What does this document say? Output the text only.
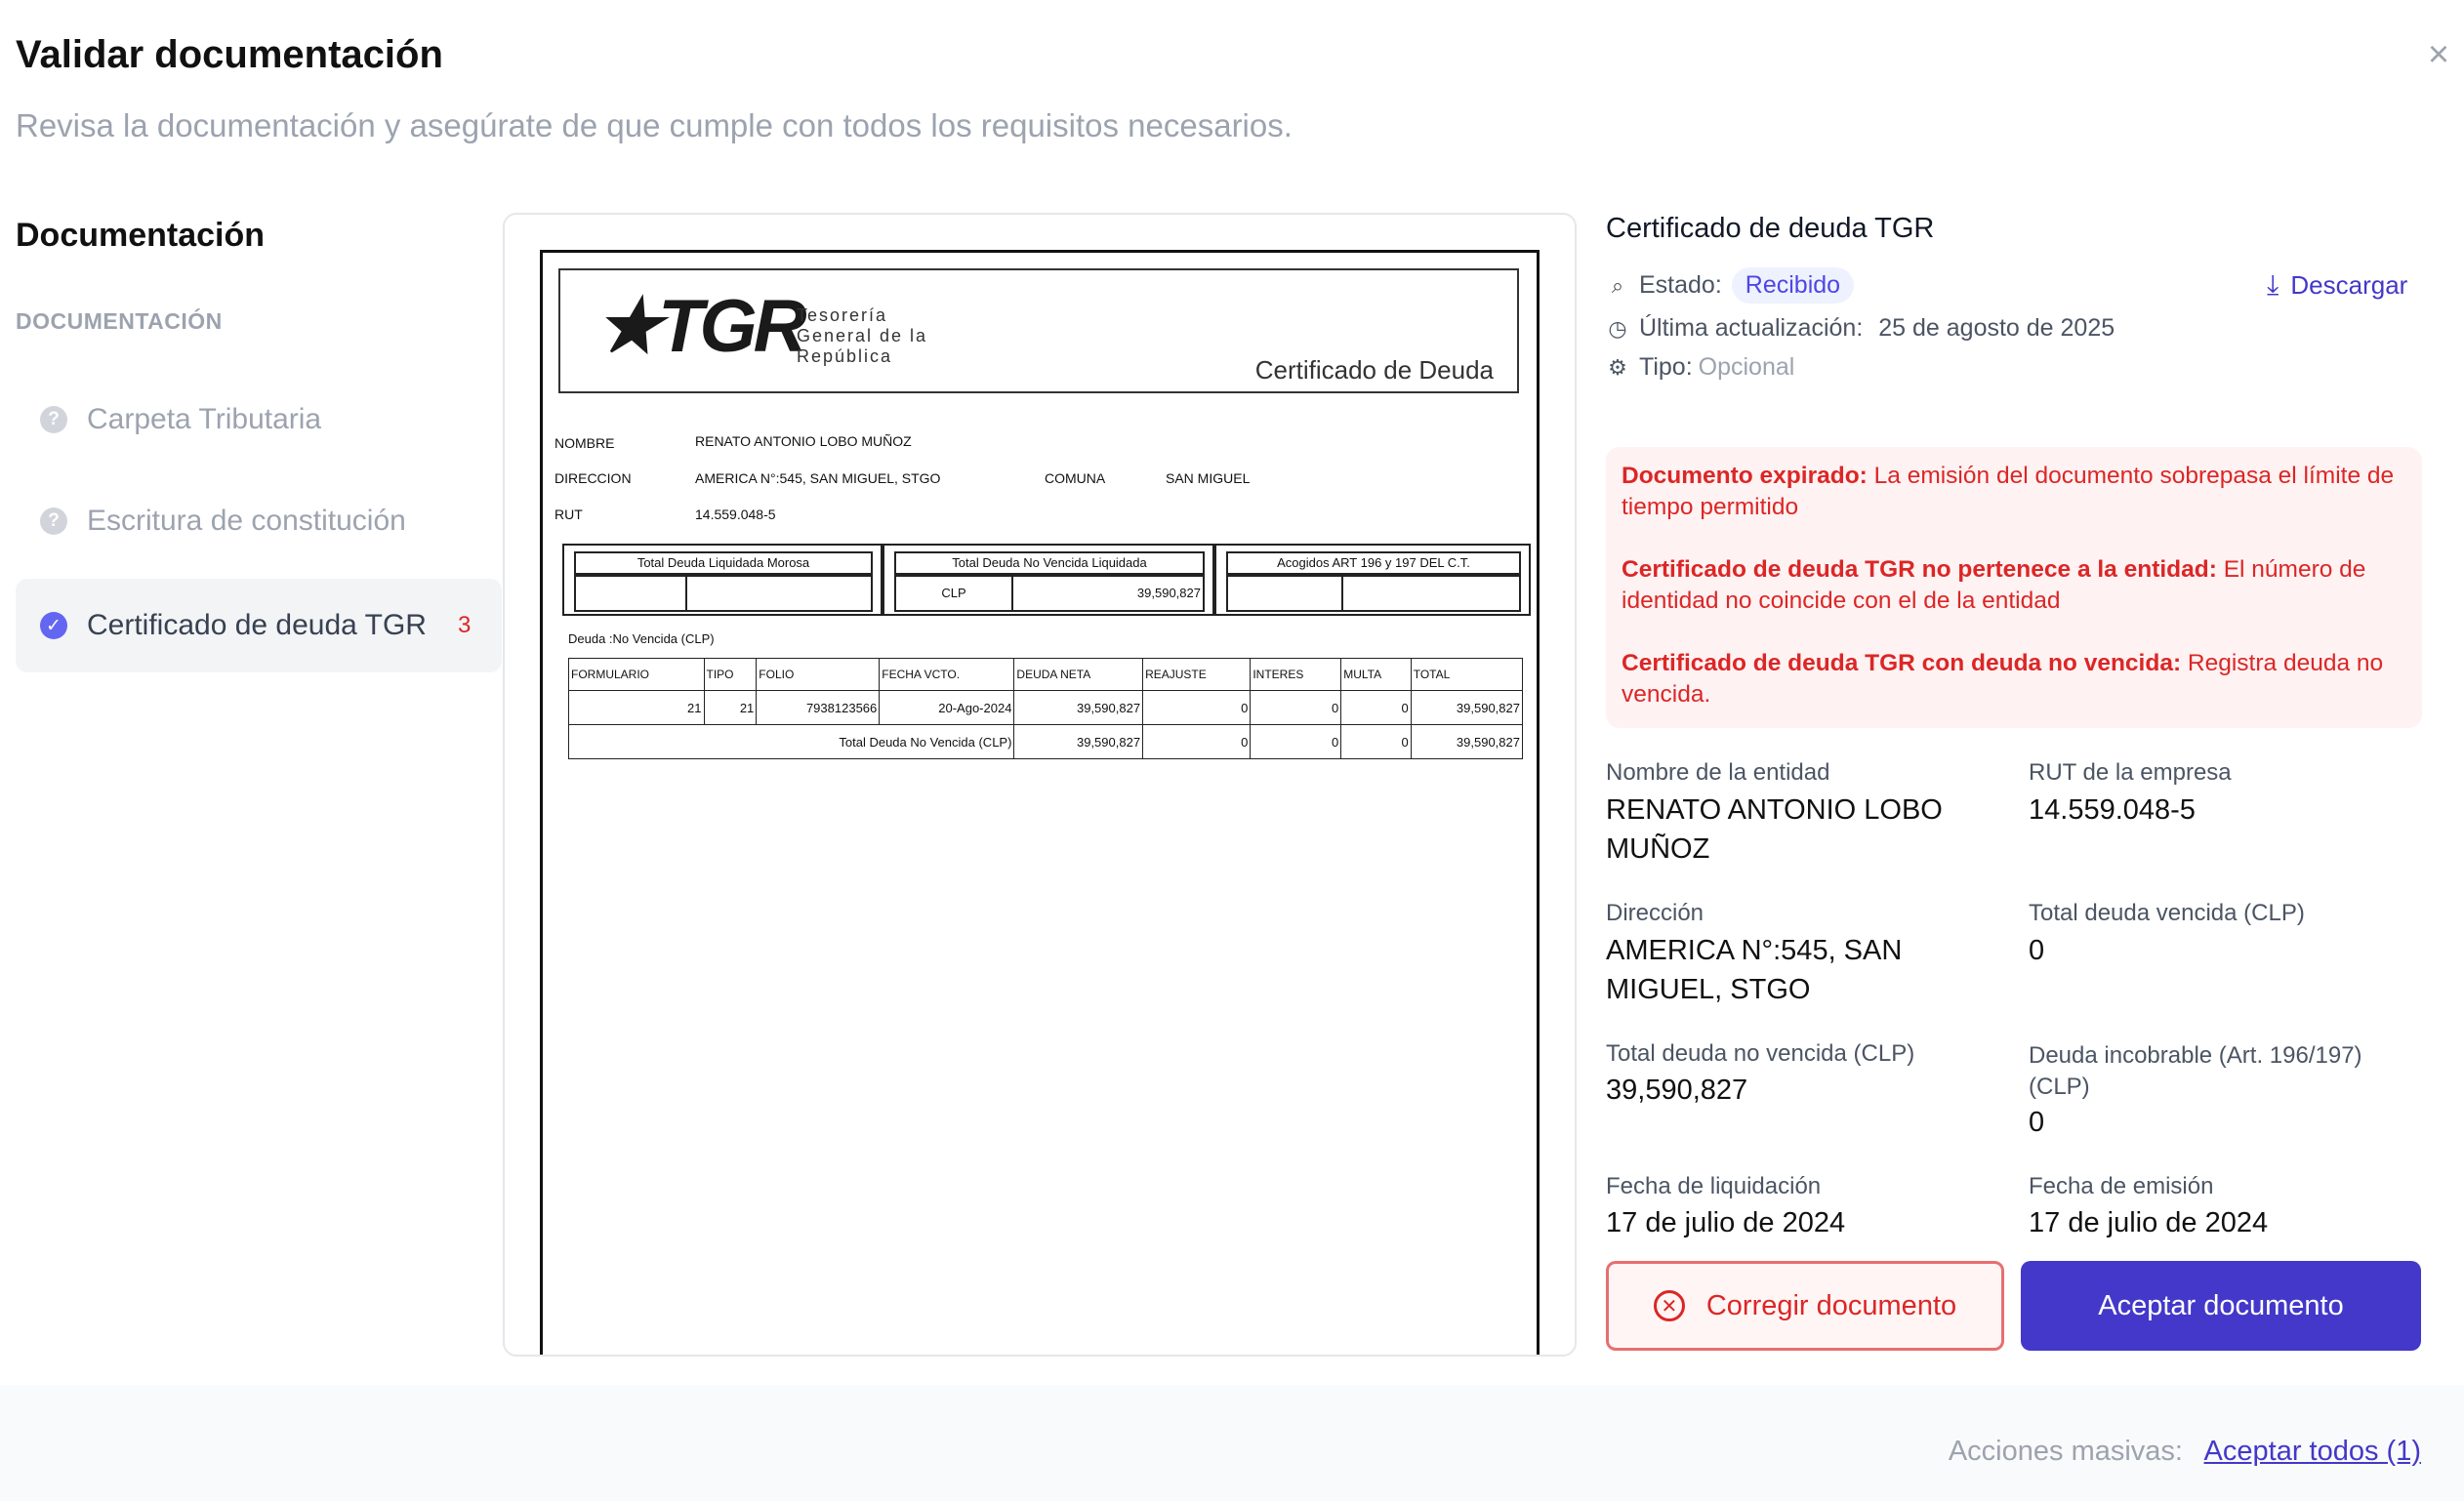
Validar documentación
Revisa la documentación y asegúrate de que cumple con todos los requisitos necesarios.
×
Documentación
DOCUMENTACIÓN
? Carpeta Tributaria
? Escritura de constitución
✓ Certificado de deuda TGR 3
★TGR
Tesorería General de la República	Certificado de Deuda
NOMBRE	RENATO ANTONIO LOBO MUÑOZ
DIRECCION	AMERICA N°:545, SAN MIGUEL, STGO	COMUNA	SAN MIGUEL
RUT	14.559.048-5
Total Deuda Liquidada Morosa	Total Deuda No Vencida Liquidada
CLP	39,590,827
Acogidos ART 196 y 197 DEL C.T.
Deuda :No Vencida (CLP)
FORMULARIO	TIPO	FOLIO	FECHA VCTO.	DEUDA NETA	REAJUSTE	INTERES	MULTA	TOTAL
21	21	7938123566	20-Ago-2024	39,590,827	0	0	0	39,590,827
Total Deuda No Vencida (CLP)				39,590,827	0	0	0	39,590,827
Certificado de deuda TGR
⌕ Estado: Recibido	⤓ Descargar
◷ Última actualización: 25 de agosto de 2025
⚙ Tipo: Opcional

Documento expirado: La emisión del documento sobrepasa el límite de tiempo permitido

Certificado de deuda TGR no pertenece a la entidad: El número de identidad no coincide con el de la entidad

Certificado de deuda TGR con deuda no vencida: Registra deuda no vencida.

Nombre de la entidad
RENATO ANTONIO LOBO MUÑOZ
RUT de la empresa
14.559.048-5
Dirección
AMERICA N°:545, SAN MIGUEL, STGO
Total deuda vencida (CLP)
0
Total deuda no vencida (CLP)
39,590,827
Deuda incobrable (Art. 196/197) (CLP)
0
Fecha de liquidación
17 de julio de 2024
Fecha de emisión
17 de julio de 2024
✕ Corregir documento	Aceptar documento
Acciones masivas: Aceptar todos (1)
